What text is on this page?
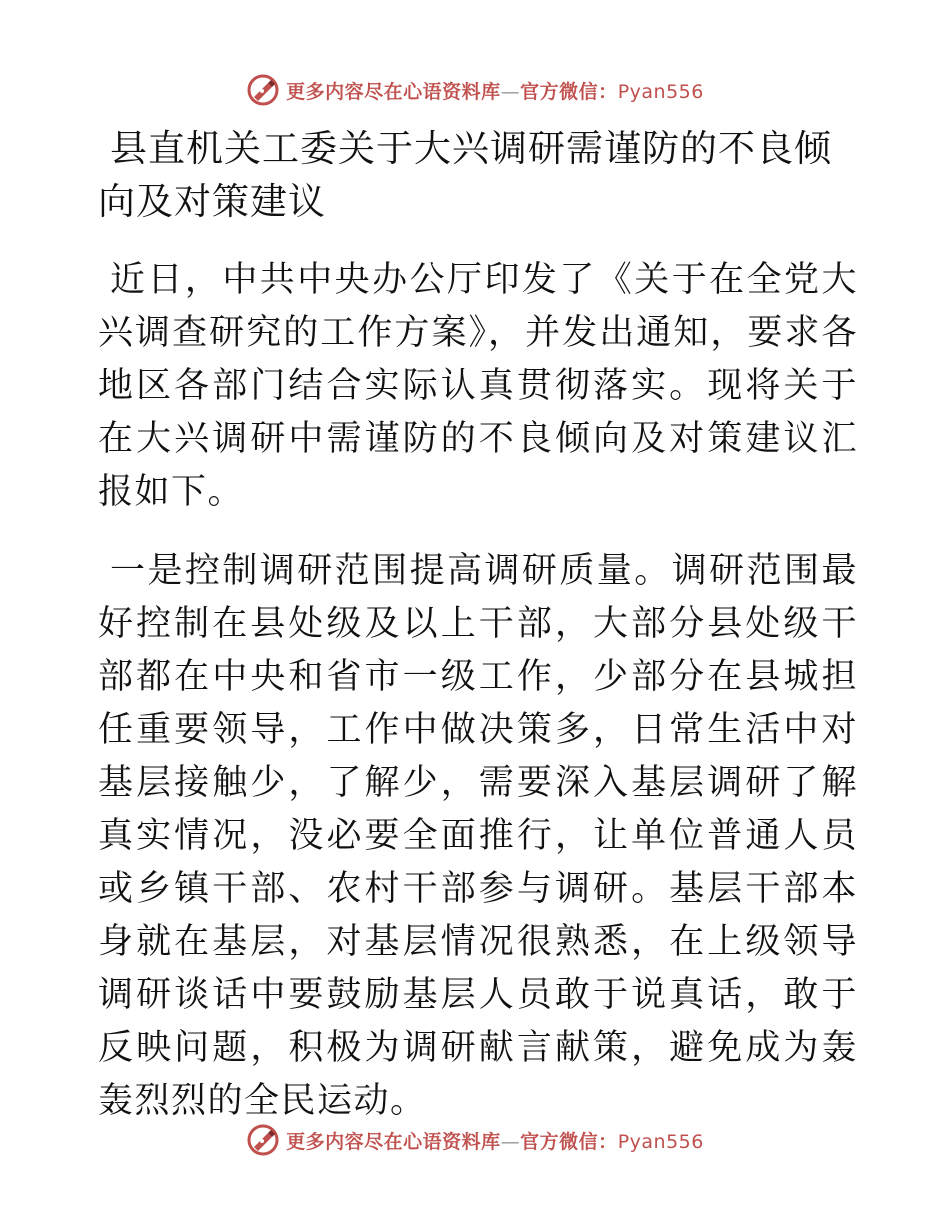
更多内容尽在心语资料库—官方微信：Pyan556
县直机关工委关于大兴调研需谨防的不良倾向及对策建议

近日，中共中央办公厅印发了《关于在全党大兴调查研究的工作方案》，并发出通知，要求各地区各部门结合实际认真贯彻落实。现将关于在大兴调研中需谨防的不良倾向及对策建议汇报如下。

一是控制调研范围提高调研质量。调研范围最好控制在县处级及以上干部，大部分县处级干部都在中央和省市一级工作，少部分在县城担任重要领导，工作中做决策多，日常生活中对基层接触少，了解少，需要深入基层调研了解真实情况，没必要全面推行，让单位普通人员或乡镇干部、农村干部参与调研。基层干部本身就在基层，对基层情况很熟悉，在上级领导调研谈话中要鼓励基层人员敢于说真话，敢于反映问题，积极为调研献言献策，避免成为轰轰烈烈的全民运动。

更多内容尽在心语资料库—官方微信：Pyan556
